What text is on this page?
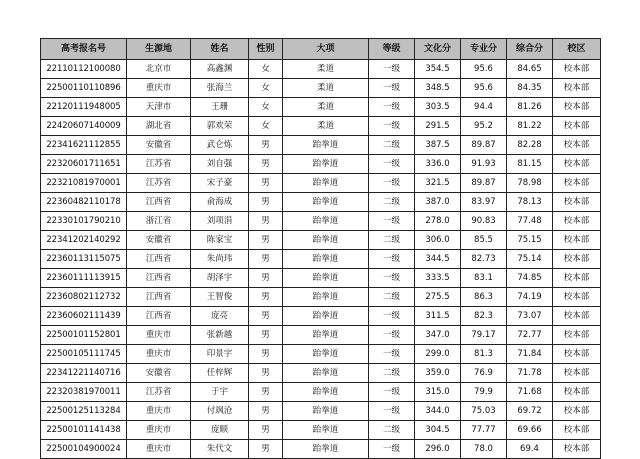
高考报名号	生源地	姓名	性别	大项	等级	文化分	专业分	综合分	校区
22110112100080	北京市	高鑫渊	女	柔道	一级	354.5	95.6	84.65	校本部
22500110110896	重庆市	张海兰	女	柔道	一级	348.5	95.6	84.35	校本部
22120111948005	天津市	王珊	女	柔道	一级	303.5	94.4	81.26	校本部
22420607140009	湖北省	郭欢荣	女	柔道	一级	291.5	95.2	81.22	校本部
22341621112855	安徽省	武仑炼	男	跆拳道	二级	387.5	89.87	82.28	校本部
22320601711651	江苏省	刘自强	男	跆拳道	一级	336.0	91.93	81.15	校本部
22321081970001	江苏省	宋子豪	男	跆拳道	一级	321.5	89.87	78.98	校本部
22360482110178	江西省	俞海成	男	跆拳道	二级	387.0	83.97	78.13	校本部
22330101790210	浙江省	刘项涓	男	跆拳道	一级	278.0	90.83	77.48	校本部
22341202140292	安徽省	陈家宝	男	跆拳道	二级	306.0	85.5	75.15	校本部
22360113115075	江西省	朱尚玮	男	跆拳道	一级	344.5	82.73	75.14	校本部
22360111113915	江西省	胡泽宇	男	跆拳道	一级	333.5	83.1	74.85	校本部
22360802112732	江西省	王智俊	男	跆拳道	二级	275.5	86.3	74.19	校本部
22360602111439	江西省	庞亮	男	跆拳道	一级	311.5	82.3	73.07	校本部
22500101152801	重庆市	张新越	男	跆拳道	一级	347.0	79.17	72.77	校本部
22500105111745	重庆市	印景宇	男	跆拳道	一级	299.0	81.3	71.84	校本部
22341221140716	安徽省	任梓辉	男	跆拳道	二级	359.0	76.9	71.78	校本部
22320381970011	江苏省	于宇	男	跆拳道	一级	315.0	79.9	71.68	校本部
22500125113284	重庆市	付飒沧	男	跆拳道	一级	344.0	75.03	69.72	校本部
22500101141438	重庆市	庞顺	男	跆拳道	二级	304.5	77.77	69.66	校本部
22500104900024	重庆市	朱代文	男	跆拳道	一级	296.0	78.0	69.4	校本部
